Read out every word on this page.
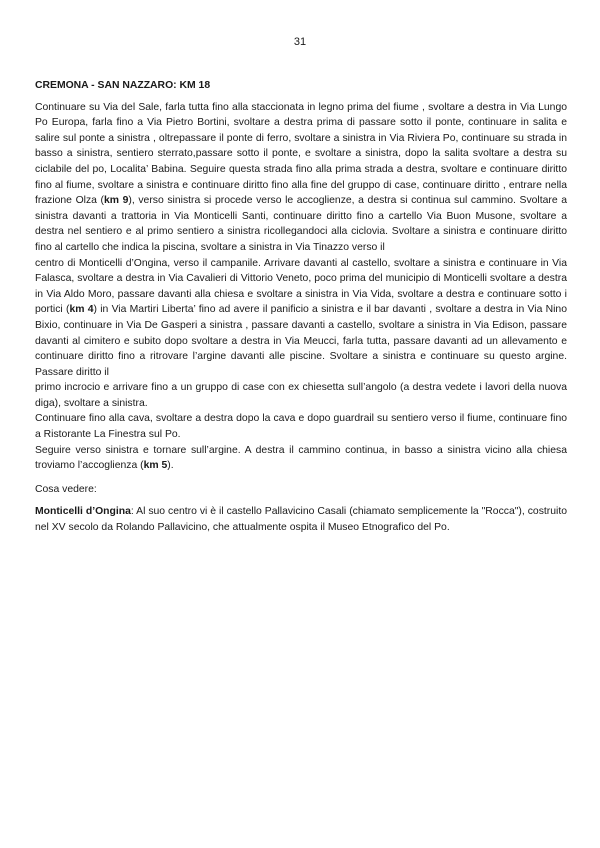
31

CREMONA - SAN NAZZARO: KM 18

Continuare su Via del Sale, farla tutta fino alla staccionata in legno prima del fiume , svoltare a destra in Via Lungo Po Europa, farla fino a Via Pietro Bortini, svoltare a destra prima di passare sotto il ponte, continuare in salita e salire sul ponte a sinistra , oltrepassare il ponte di ferro, svoltare a sinistra in Via Riviera Po, continuare su strada in basso a sinistra, sentiero sterrato,passare sotto il ponte, e svoltare a sinistra, dopo la salita svoltare a destra su ciclabile del po, Localita’ Babina. Seguire questa strada fino alla prima strada a destra, svoltare e continuare diritto fino al fiume, svoltare a sinistra e continuare diritto fino alla fine del gruppo di case, continuare diritto , entrare nella frazione Olza (km 9), verso sinistra si procede verso le accoglienze, a destra si continua sul cammino. Svoltare a sinistra davanti a trattoria in Via Monticelli Santi, continuare diritto fino a cartello Via Buon Musone, svoltare a destra nel sentiero e al primo sentiero a sinistra ricollegandoci alla ciclovia. Svoltare a sinistra e continuare diritto fino al cartello che indica la piscina, svoltare a sinistra in Via Tinazzo verso il

centro di Monticelli d’Ongina, verso il campanile. Arrivare davanti al castello, svoltare a sinistra e continuare in Via Falasca, svoltare a destra in Via Cavalieri di Vittorio Veneto, poco prima del municipio di Monticelli svoltare a destra in Via Aldo Moro, passare davanti alla chiesa e svoltare a sinistra in Via Vida, svoltare a destra e continuare sotto i portici (km 4) in Via Martiri Liberta’ fino ad avere il panificio a sinistra e il bar davanti , svoltare a destra in Via Nino Bixio, continuare in Via De Gasperi a sinistra , passare davanti a castello, svoltare a sinistra in Via Edison, passare davanti al cimitero e subito dopo svoltare a destra in Via Meucci, farla tutta, passare davanti ad un allevamento e continuare diritto fino a ritrovare l’argine davanti alle piscine. Svoltare a sinistra e continuare su questo argine. Passare diritto il

primo incrocio e arrivare fino a un gruppo di case con ex chiesetta sull’angolo (a destra vedete i lavori della nuova diga), svoltare a sinistra.

Continuare fino alla cava, svoltare a destra dopo la cava e dopo guardrail su sentiero verso il fiume, continuare fino a Ristorante La Finestra sul Po.

Seguire verso sinistra e tornare sull’argine. A destra il cammino continua, in basso a sinistra vicino alla chiesa troviamo l’accoglienza (km 5).

Cosa vedere:

Monticelli d’Ongina: Al suo centro vi è il castello Pallavicino Casali (chiamato semplicemente la "Rocca"), costruito nel XV secolo da Rolando Pallavicino, che attualmente ospita il Museo Etnografico del Po.
